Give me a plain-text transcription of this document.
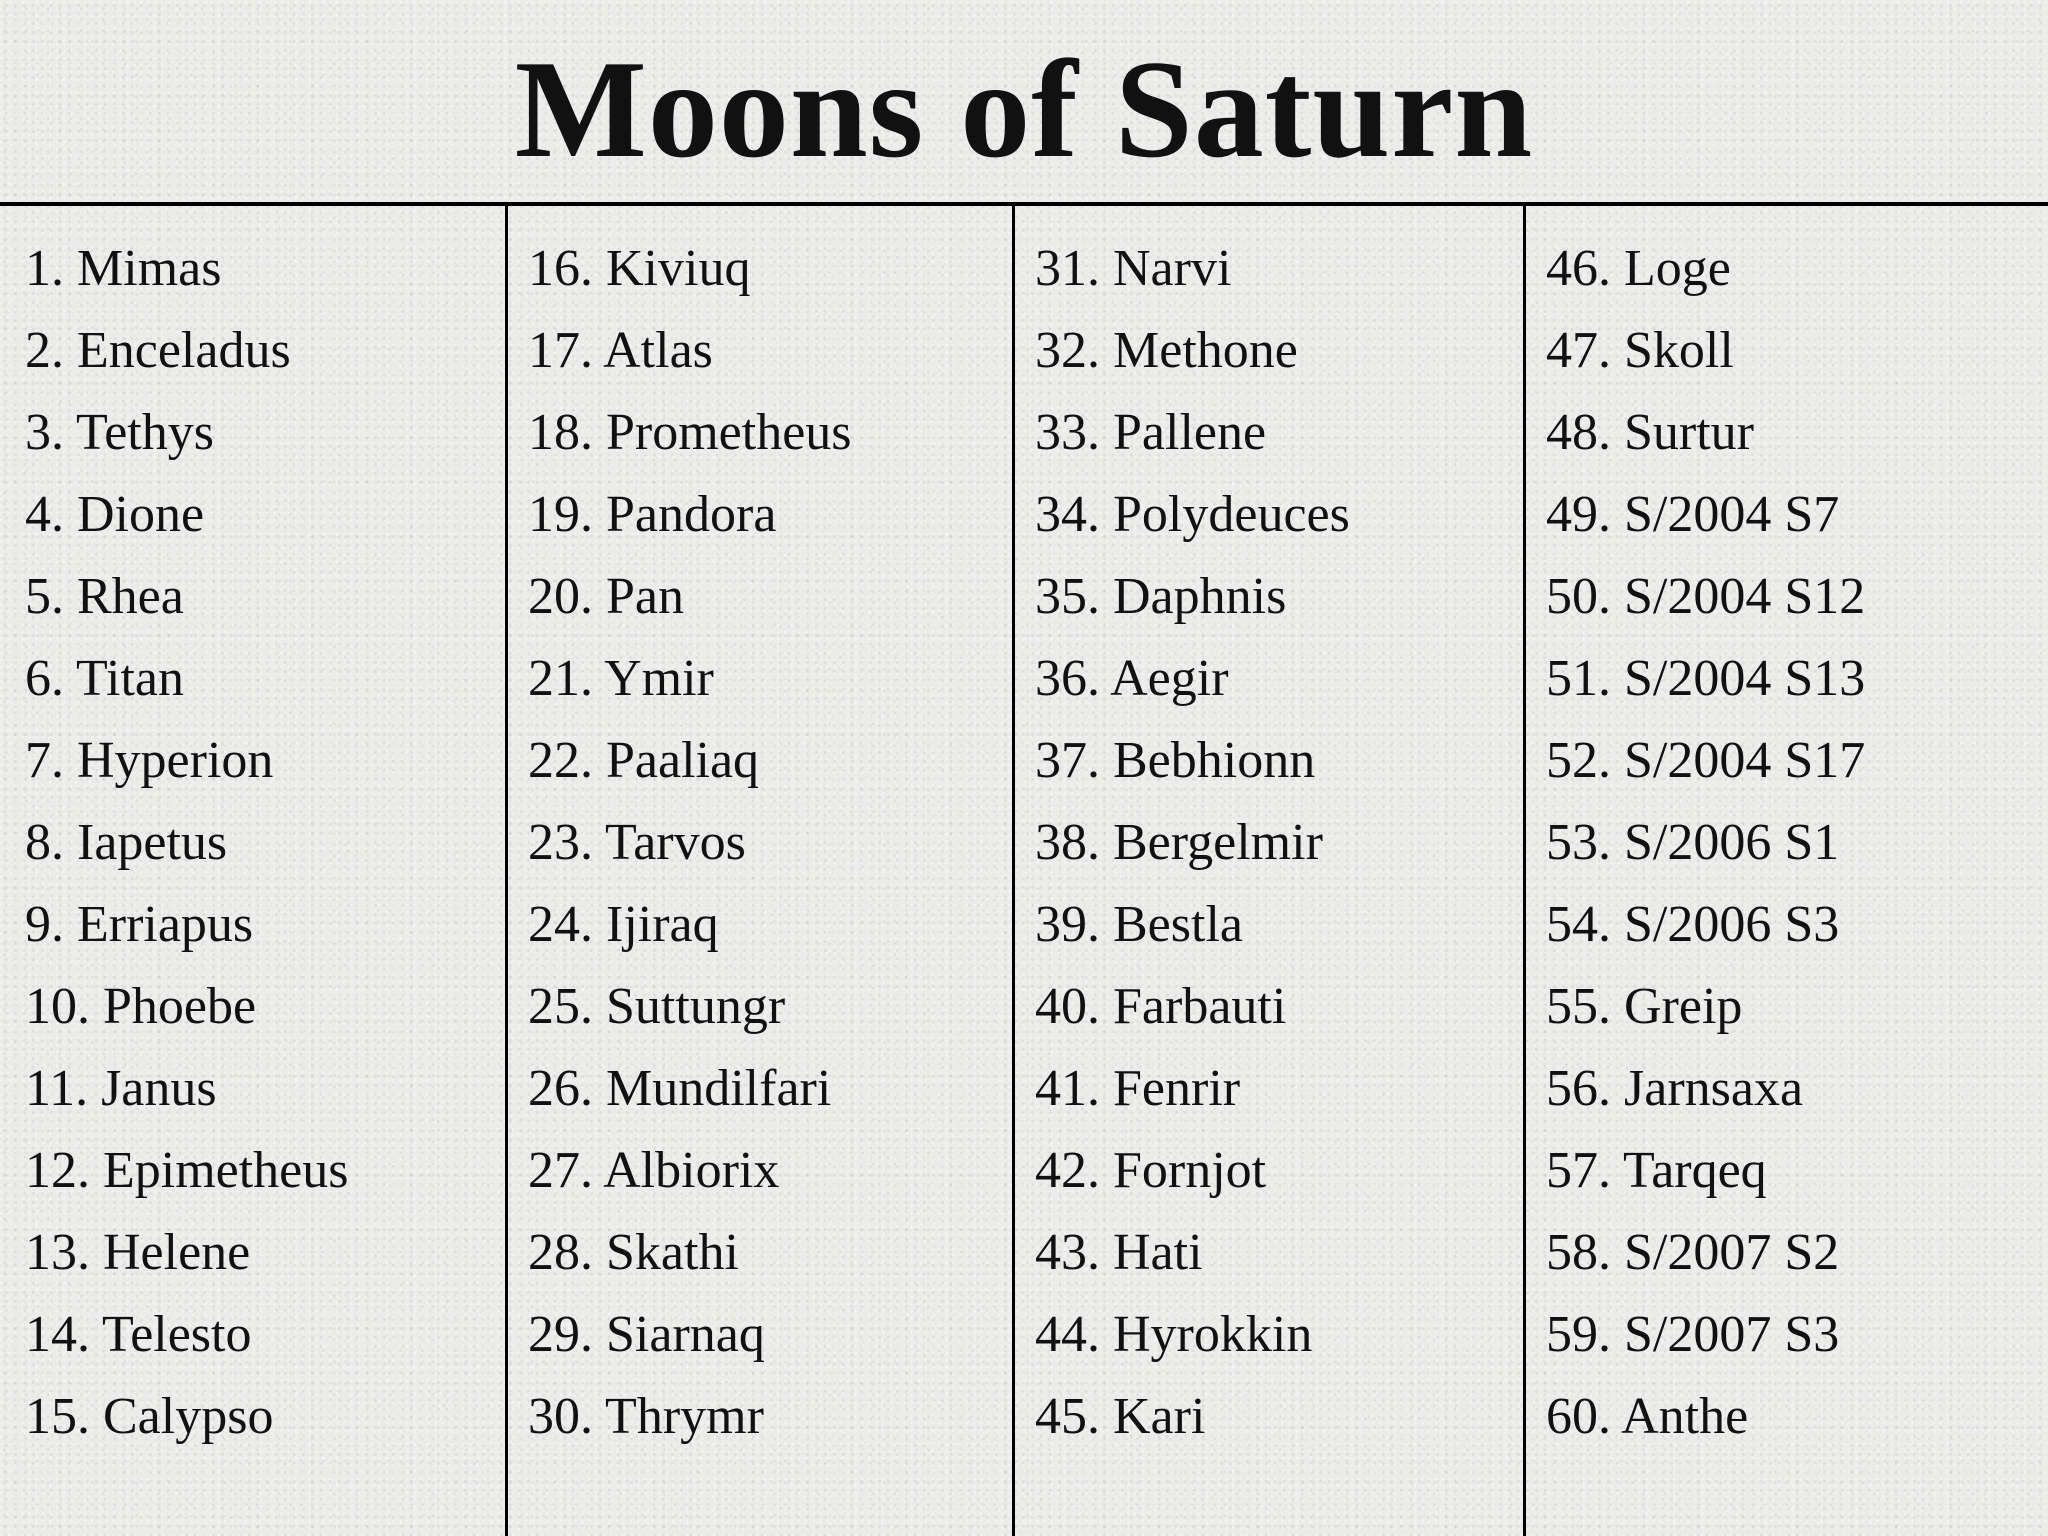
Moons of Saturn
1. Mimas
2. Enceladus
3. Tethys
4. Dione
5. Rhea
6. Titan
7. Hyperion
8. Iapetus
9. Erriapus
10. Phoebe
11. Janus
12. Epimetheus
13. Helene
14. Telesto
15. Calypso
16. Kiviuq
17. Atlas
18. Prometheus
19. Pandora
20. Pan
21. Ymir
22. Paaliaq
23. Tarvos
24. Ijiraq
25. Suttungr
26. Mundilfari
27. Albiorix
28. Skathi
29. Siarnaq
30. Thrymr
31. Narvi
32. Methone
33. Pallene
34. Polydeuces
35. Daphnis
36. Aegir
37. Bebhionn
38. Bergelmir
39. Bestla
40. Farbauti
41. Fenrir
42. Fornjot
43. Hati
44. Hyrokkin
45. Kari
46. Loge
47. Skoll
48. Surtur
49. S/2004 S7
50. S/2004 S12
51. S/2004 S13
52. S/2004 S17
53. S/2006 S1
54. S/2006 S3
55. Greip
56. Jarnsaxa
57. Tarqeq
58. S/2007 S2
59. S/2007 S3
60. Anthe
